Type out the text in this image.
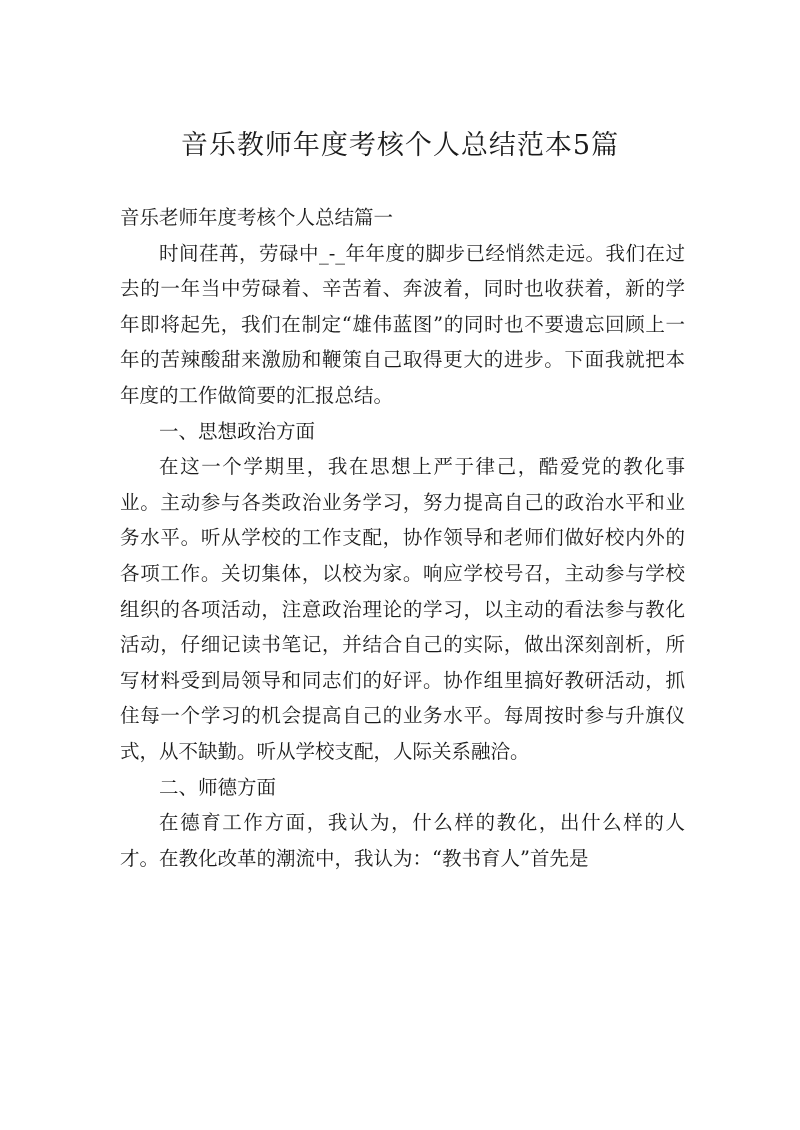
音乐教师年度考核个人总结范本5篇

音乐老师年度考核个人总结篇一

时间荏苒，劳碌中_-_年年度的脚步已经悄然走远。我们在过去的一年当中劳碌着、辛苦着、奔波着，同时也收获着，新的学年即将起先，我们在制定“雄伟蓝图”的同时也不要遗忘回顾上一年的苦辣酸甜来激励和鞭策自己取得更大的进步。下面我就把本年度的工作做简要的汇报总结。

一、思想政治方面

在这一个学期里，我在思想上严于律己，酷爱党的教化事业。主动参与各类政治业务学习，努力提高自己的政治水平和业务水平。听从学校的工作支配，协作领导和老师们做好校内外的各项工作。关切集体，以校为家。响应学校号召，主动参与学校组织的各项活动，注意政治理论的学习，以主动的看法参与教化活动，仔细记读书笔记，并结合自己的实际，做出深刻剖析，所写材料受到局领导和同志们的好评。协作组里搞好教研活动，抓住每一个学习的机会提高自己的业务水平。每周按时参与升旗仪式，从不缺勤。听从学校支配，人际关系融洽。

二、师德方面

在德育工作方面，我认为，什么样的教化，出什么样的人才。在教化改革的潮流中，我认为：“教书育人”首先是
